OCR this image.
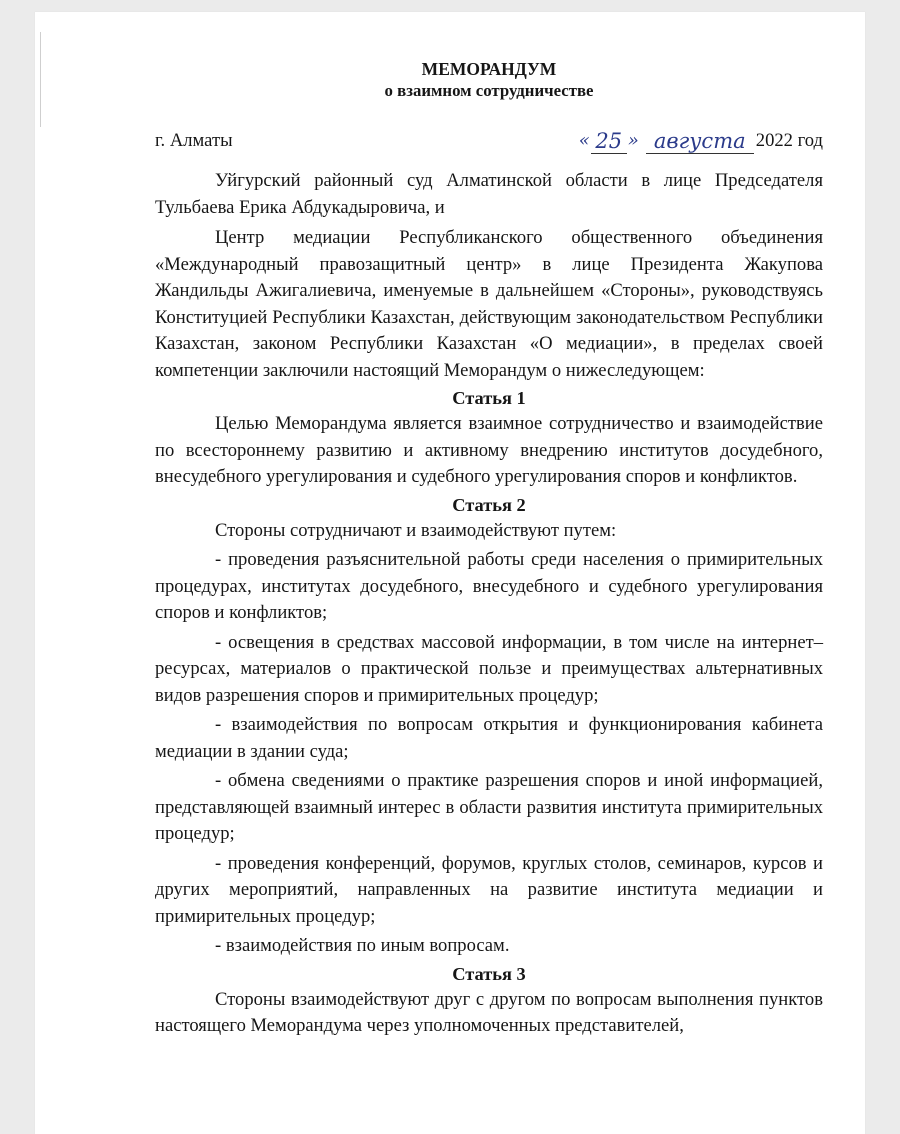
МЕМОРАНДУМ
о взаимном сотрудничестве
г. Алматы	« 25 » августа 2022 год

Уйгурский районный суд Алматинской области в лице Председателя Тульбаева Ерика Абдукадыровича, и

Центр медиации Республиканского общественного объединения «Международный правозащитный центр» в лице Президента Жакупова Жандильды Ажигалиевича, именуемые в дальнейшем «Стороны», руководствуясь Конституцией Республики Казахстан, действующим законодательством Республики Казахстан, законом Республики Казахстан «О медиации», в пределах своей компетенции заключили настоящий Меморандум о нижеследующем:

Статья 1

Целью Меморандума является взаимное сотрудничество и взаимодействие по всестороннему развитию и активному внедрению институтов досудебного, внесудебного урегулирования и судебного урегулирования споров и конфликтов.

Статья 2

Стороны сотрудничают и взаимодействуют путем:

- проведения разъяснительной работы среди населения о примирительных процедурах, институтах досудебного, внесудебного и судебного урегулирования споров и конфликтов;

- освещения в средствах массовой информации, в том числе на интернет–ресурсах, материалов о практической пользе и преимуществах альтернативных видов разрешения споров и примирительных процедур;

- взаимодействия по вопросам открытия и функционирования кабинета медиации в здании суда;

- обмена сведениями о практике разрешения споров и иной информацией, представляющей взаимный интерес в области развития института примирительных процедур;

- проведения конференций, форумов, круглых столов, семинаров, курсов и других мероприятий, направленных на развитие института медиации и примирительных процедур;

- взаимодействия по иным вопросам.

Статья 3

Стороны взаимодействуют друг с другом по вопросам выполнения пунктов настоящего Меморандума через уполномоченных представителей,
